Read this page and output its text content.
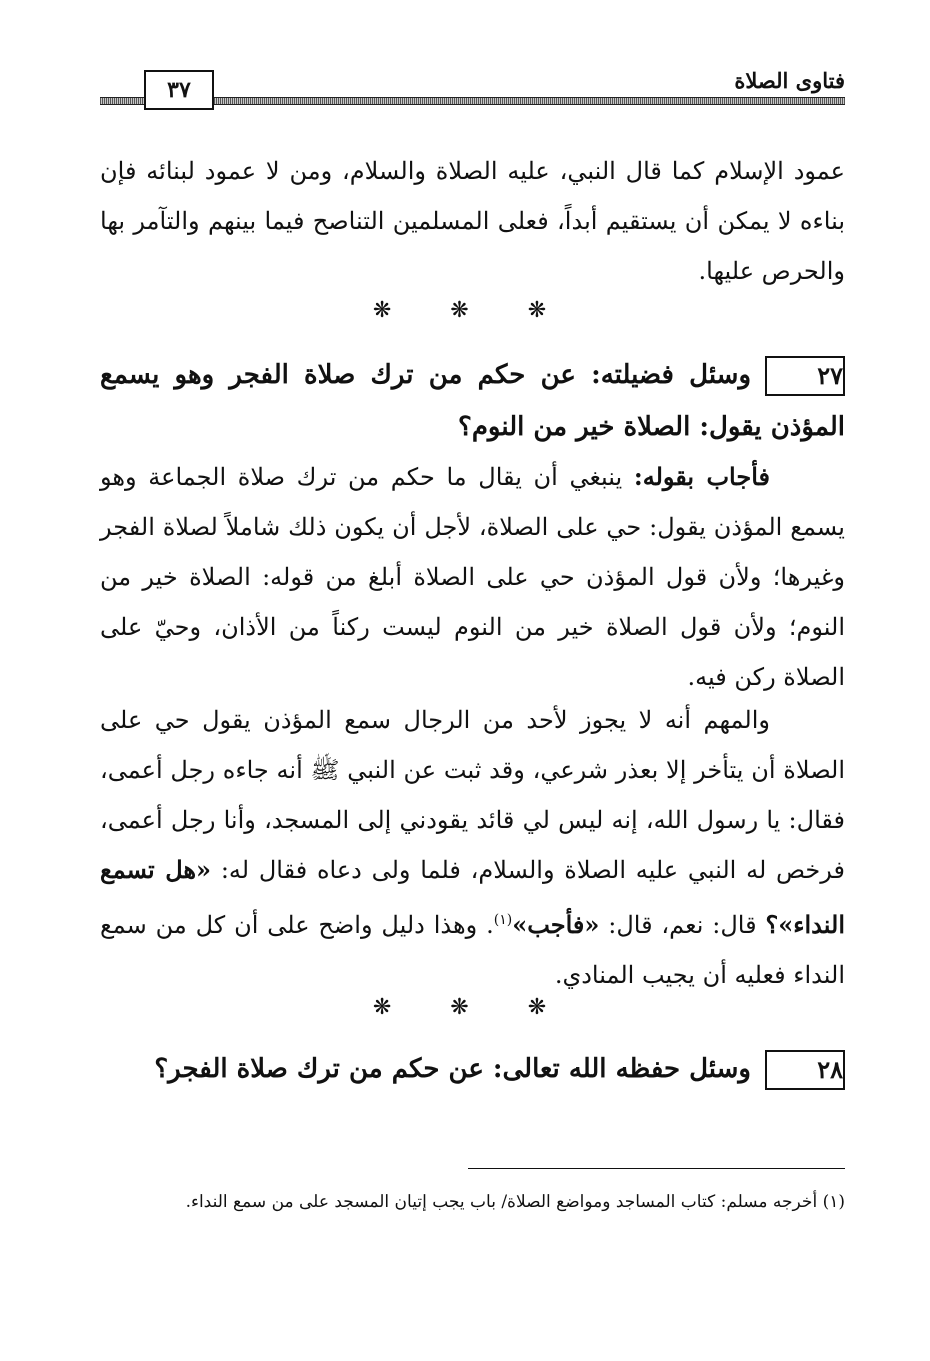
فتاوى الصلاة
٣٧
عمود الإسلام كما قال النبي، عليه الصلاة والسلام، ومن لا عمود لبنائه فإن بناءه لا يمكن أن يستقيم أبداً، فعلى المسلمين التناصح فيما بينهم والتآمر بها والحرص عليها.
❋ ❋ ❋
٢٧وسئل فضيلته: عن حكم من ترك صلاة الفجر وهو يسمع المؤذن يقول: الصلاة خير من النوم؟
فأجاب بقوله: ينبغي أن يقال ما حكم من ترك صلاة الجماعة وهو يسمع المؤذن يقول: حي على الصلاة، لأجل أن يكون ذلك شاملاً لصلاة الفجر وغيرها؛ ولأن قول المؤذن حي على الصلاة أبلغ من قوله: الصلاة خير من النوم؛ ولأن قول الصلاة خير من النوم ليست ركناً من الأذان، وحيّ على الصلاة ركن فيه.
والمهم أنه لا يجوز لأحد من الرجال سمع المؤذن يقول حي على الصلاة أن يتأخر إلا بعذر شرعي، وقد ثبت عن النبي ﷺ أنه جاءه رجل أعمى، فقال: يا رسول الله، إنه ليس لي قائد يقودني إلى المسجد، وأنا رجل أعمى، فرخص له النبي عليه الصلاة والسلام، فلما ولى دعاه فقال له: «هل تسمع النداء»؟ قال: نعم، قال: «فأجب»$^{(١)}$. وهذا دليل واضح على أن كل من سمع النداء فعليه أن يجيب المنادي.
❋ ❋ ❋
٢٨وسئل حفظه الله تعالى: عن حكم من ترك صلاة الفجر؟
(١) أخرجه مسلم: كتاب المساجد ومواضع الصلاة/ باب يجب إتيان المسجد على من سمع النداء.
